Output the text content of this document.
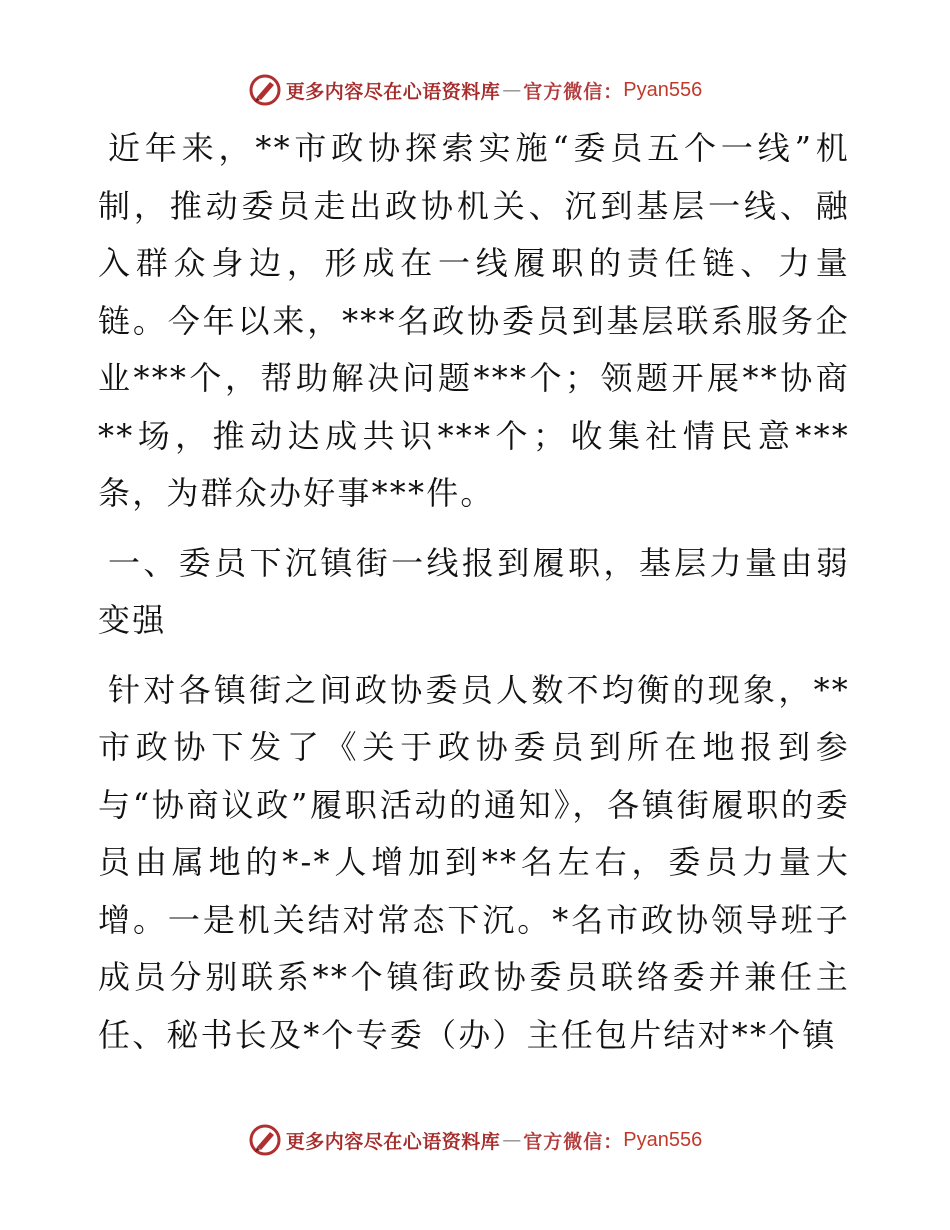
更多内容尽在心语资料库 — 官方微信： Pyan556

近年来，**市政协探索实施“委员五个一线”机制，推动委员走出政协机关、沉到基层一线、融入群众身边，形成在一线履职的责任链、力量链。今年以来，***名政协委员到基层联系服务企业***个，帮助解决问题***个；领题开展**协商**场，推动达成共识***个；收集社情民意***条，为群众办好事***件。

一、委员下沉镇街一线报到履职，基层力量由弱变强

针对各镇街之间政协委员人数不均衡的现象，**市政协下发了《关于政协委员到所在地报到参与“协商议政”履职活动的通知》，各镇街履职的委员由属地的*-*人增加到**名左右，委员力量大增。一是机关结对常态下沉。*名市政协领导班子成员分别联系**个镇街政协委员联络委并兼任主任、秘书长及*个专委（办）主任包片结对**个镇

更多内容尽在心语资料库 — 官方微信： Pyan556
